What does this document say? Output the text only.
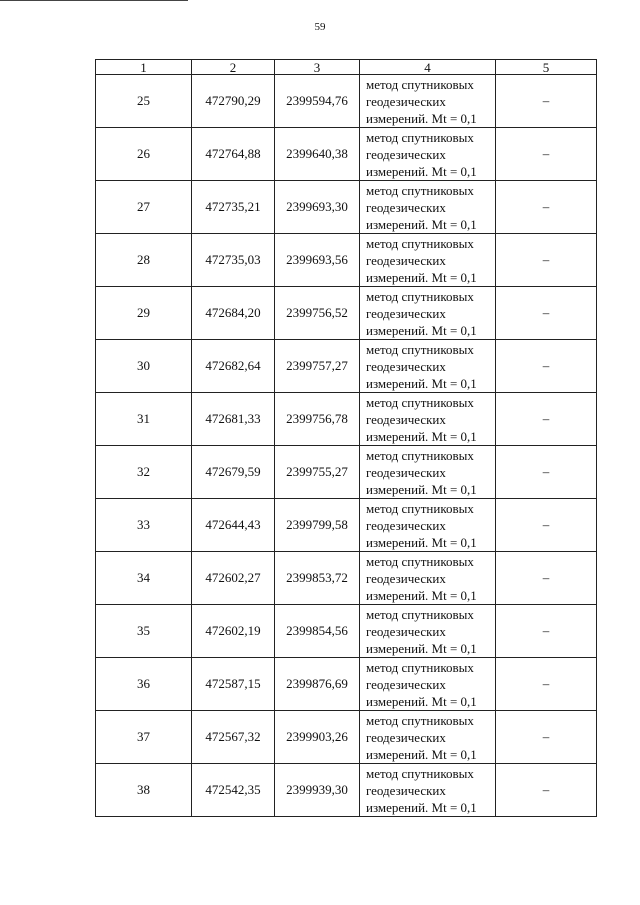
59
1	2	3	4	5
25	472790,29	2399594,76	метод спутниковых
геодезических
измерений. Mt = 0,1	–
26	472764,88	2399640,38	метод спутниковых
геодезических
измерений. Mt = 0,1	–
27	472735,21	2399693,30	метод спутниковых
геодезических
измерений. Mt = 0,1	–
28	472735,03	2399693,56	метод спутниковых
геодезических
измерений. Mt = 0,1	–
29	472684,20	2399756,52	метод спутниковых
геодезических
измерений. Mt = 0,1	–
30	472682,64	2399757,27	метод спутниковых
геодезических
измерений. Mt = 0,1	–
31	472681,33	2399756,78	метод спутниковых
геодезических
измерений. Mt = 0,1	–
32	472679,59	2399755,27	метод спутниковых
геодезических
измерений. Mt = 0,1	–
33	472644,43	2399799,58	метод спутниковых
геодезических
измерений. Mt = 0,1	–
34	472602,27	2399853,72	метод спутниковых
геодезических
измерений. Mt = 0,1	–
35	472602,19	2399854,56	метод спутниковых
геодезических
измерений. Mt = 0,1	–
36	472587,15	2399876,69	метод спутниковых
геодезических
измерений. Mt = 0,1	–
37	472567,32	2399903,26	метод спутниковых
геодезических
измерений. Mt = 0,1	–
38	472542,35	2399939,30	метод спутниковых
геодезических
измерений. Mt = 0,1	–
